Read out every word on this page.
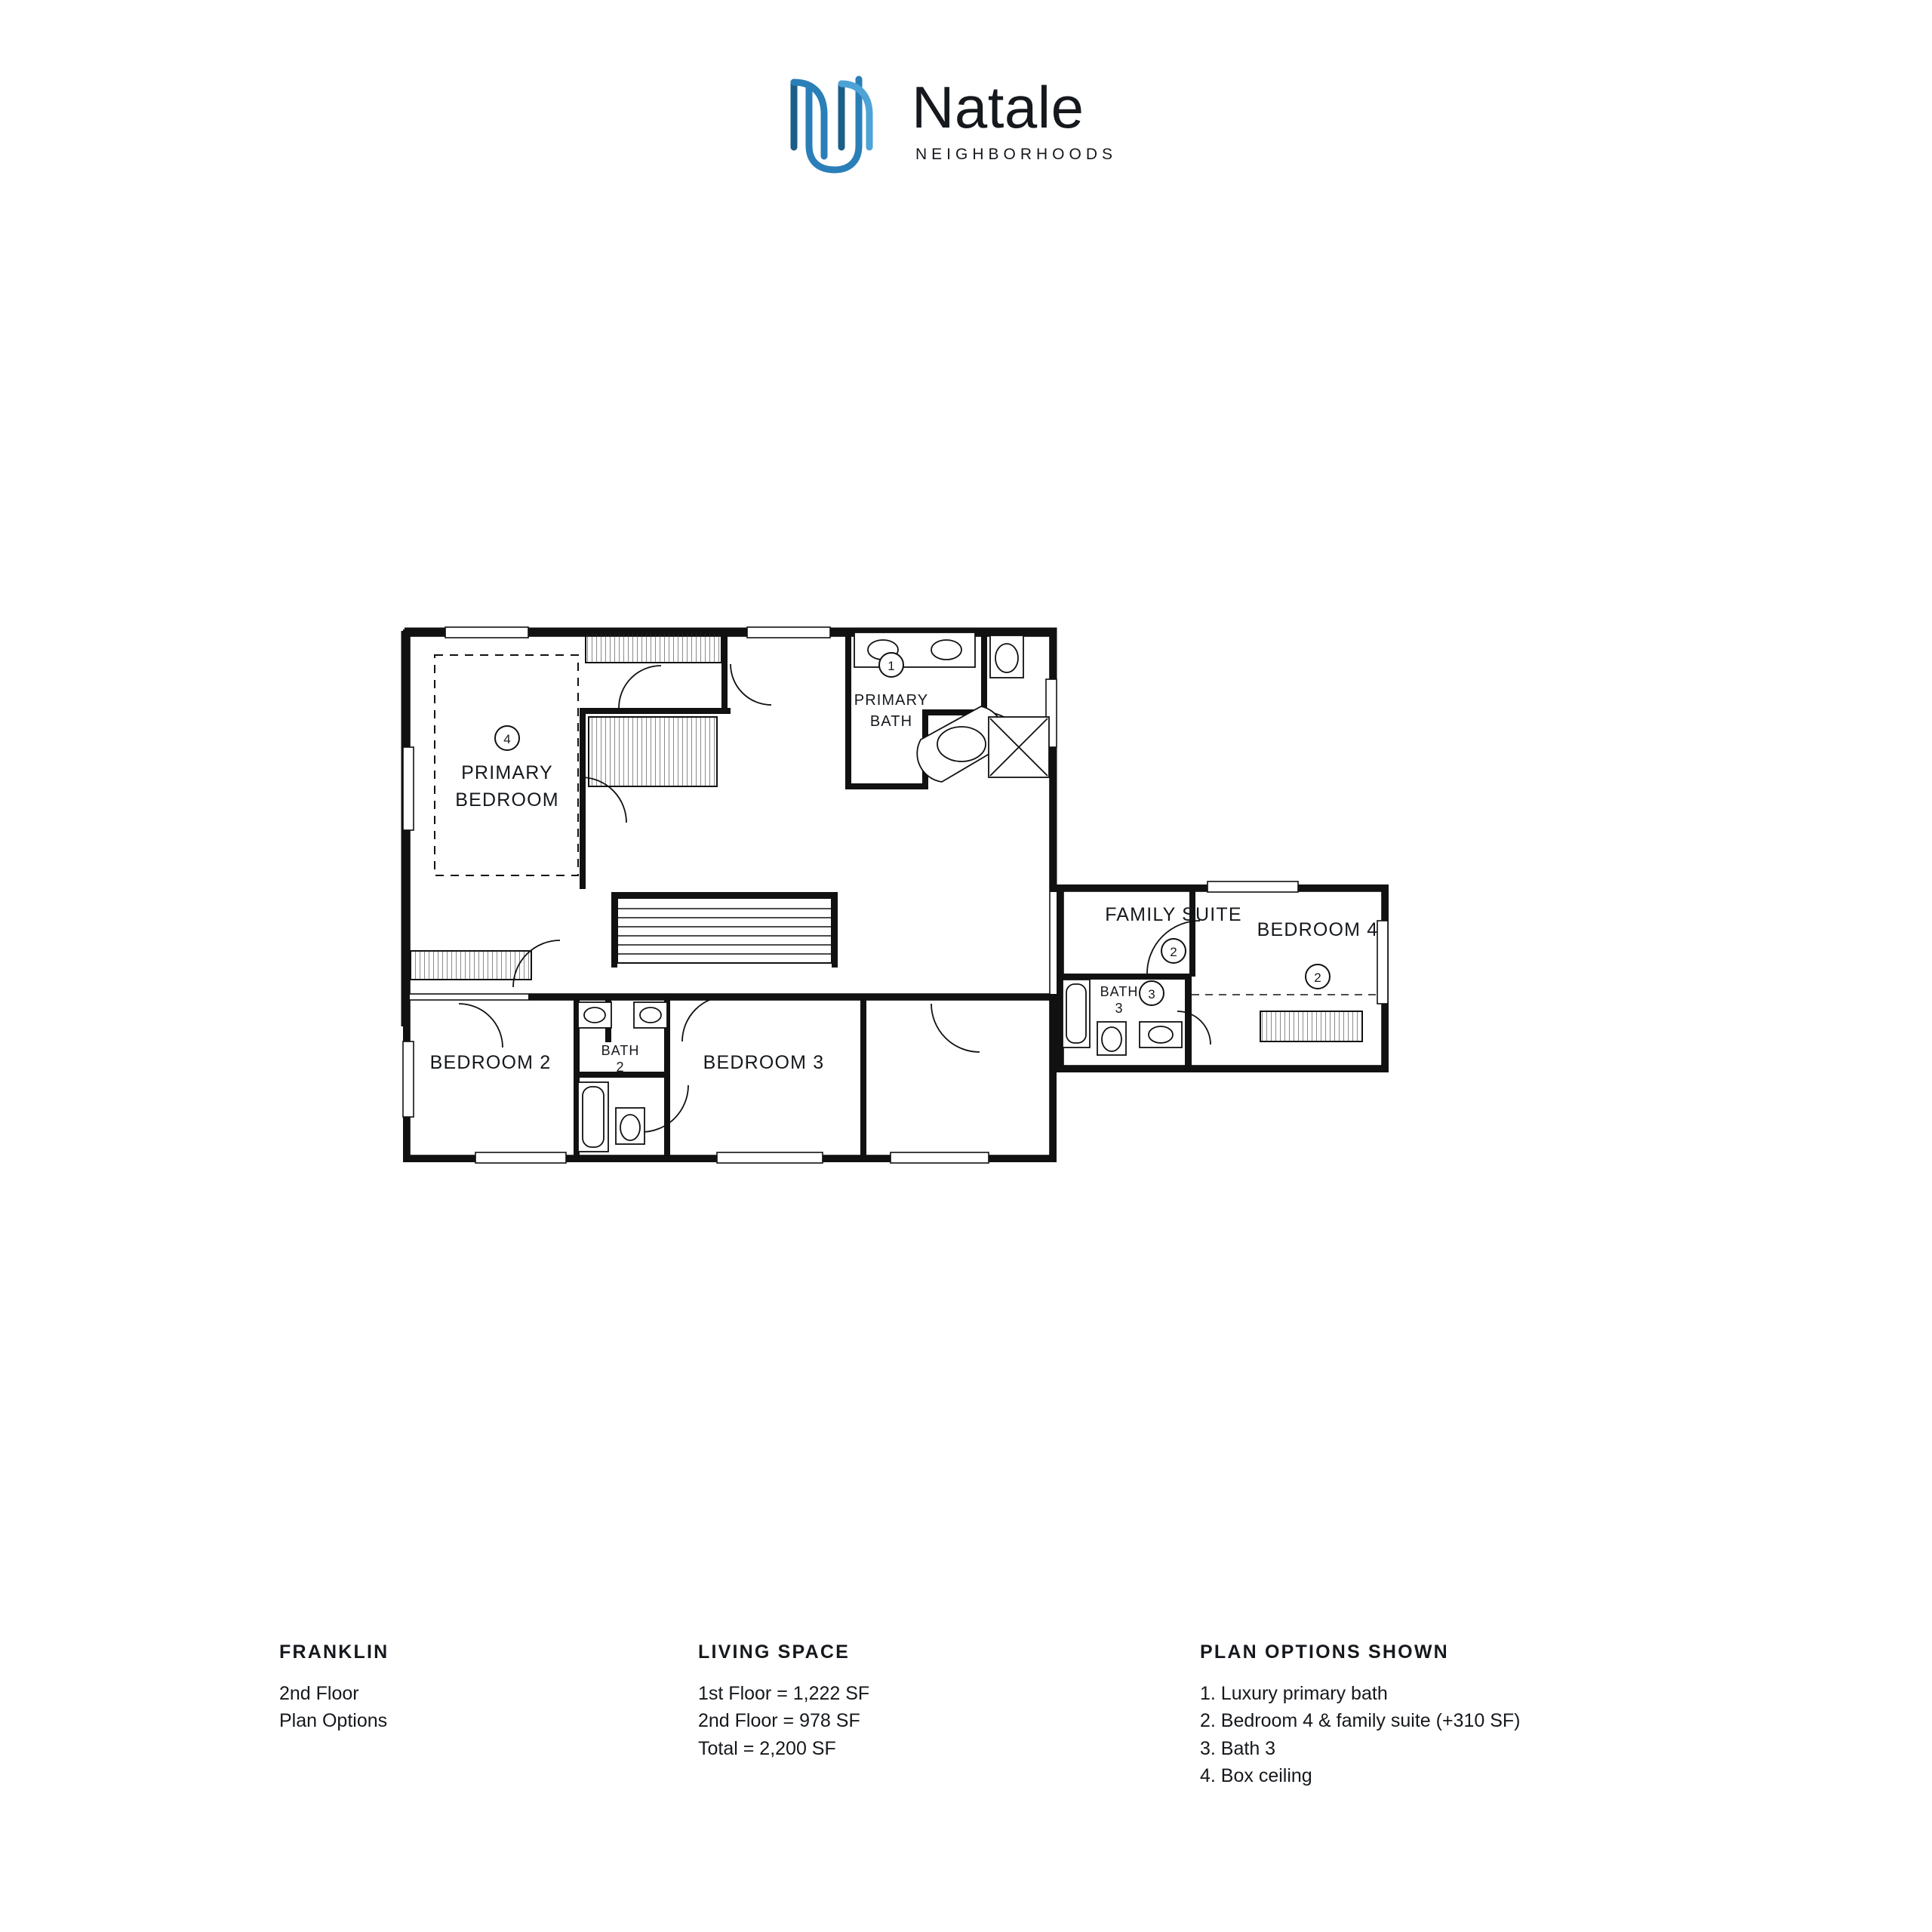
Natale
NEIGHBORHOODS
PRIMARY
BEDROOM
PRIMARY
BATH
FAMILY SUITE
BEDROOM 4
BEDROOM 2	BEDROOM 3
BATH
2
BATH
3
1
2
2
3
4
FRANKLIN
2nd Floor
Plan Options
LIVING SPACE
1st Floor = 1,222 SF
2nd Floor = 978 SF
Total = 2,200 SF
PLAN OPTIONS SHOWN
1. Luxury primary bath
2. Bedroom 4 & family suite (+310 SF)
3. Bath 3
4. Box ceiling
